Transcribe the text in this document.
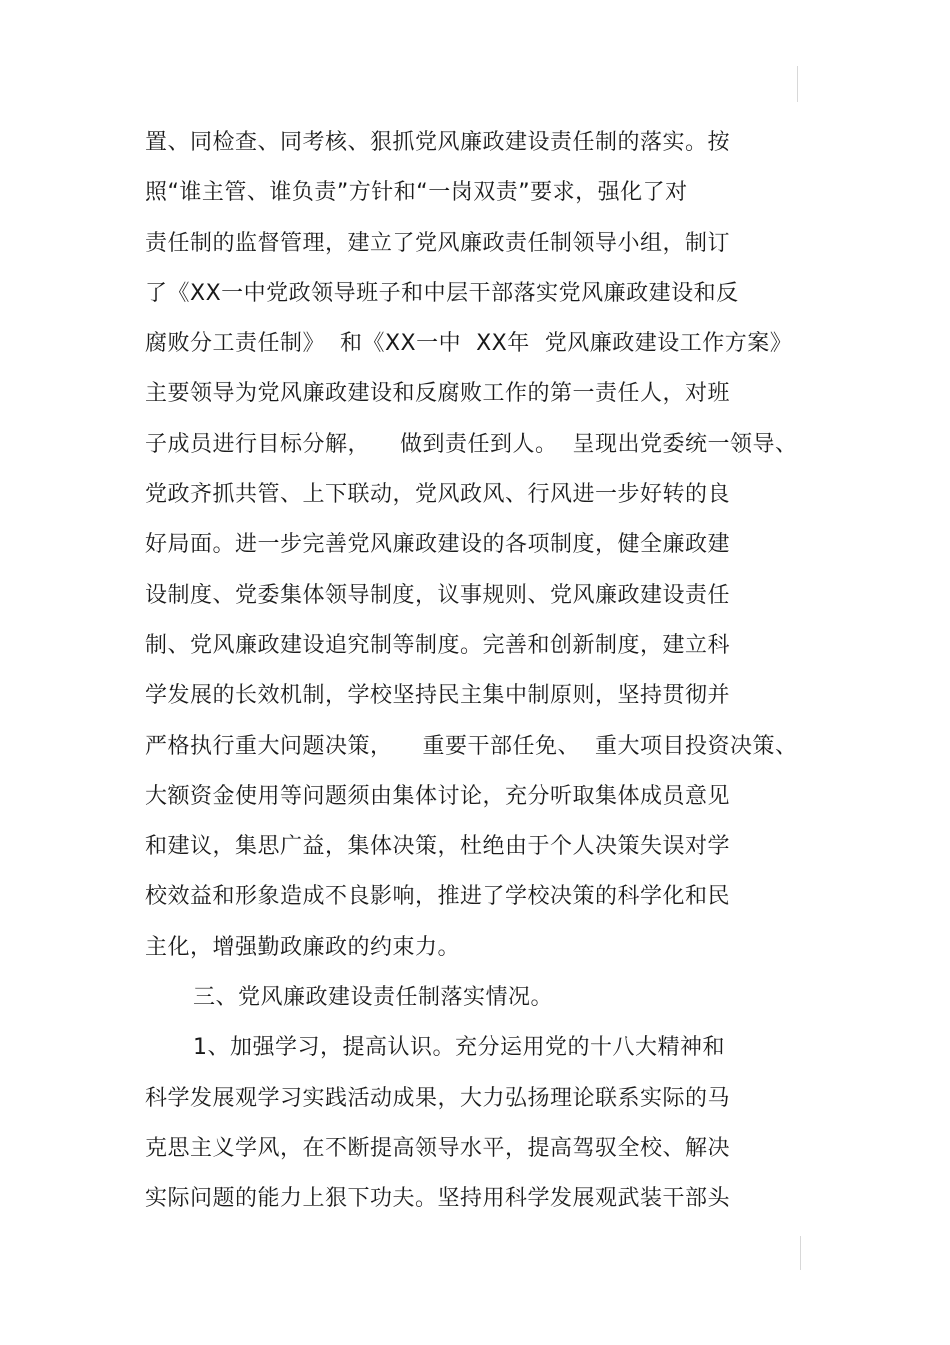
置、同检查、同考核、狠抓党风廉政建设责任制的落实。按
照“谁主管、谁负责”方针和“一岗双责”要求，强化了对
责任制的监督管理，建立了党风廉政责任制领导小组，制订
了《XX一中党政领导班子和中层干部落实党风廉政建设和反
腐败分工责任制》  和《XX一中  XX年  党风廉政建设工作方案》
主要领导为党风廉政建设和反腐败工作的第一责任人，对班
子成员进行目标分解，    做到责任到人。  呈现出党委统一领导、
党政齐抓共管、上下联动，党风政风、行风进一步好转的良
好局面。进一步完善党风廉政建设的各项制度，健全廉政建
设制度、党委集体领导制度，议事规则、党风廉政建设责任
制、党风廉政建设追究制等制度。完善和创新制度，建立科
学发展的长效机制，学校坚持民主集中制原则，坚持贯彻并
严格执行重大问题决策，    重要干部任免、  重大项目投资决策、
大额资金使用等问题须由集体讨论，充分听取集体成员意见
和建议，集思广益，集体决策，杜绝由于个人决策失误对学
校效益和形象造成不良影响，推进了学校决策的科学化和民
主化，增强勤政廉政的约束力。
三、党风廉政建设责任制落实情况。
1、加强学习，提高认识。充分运用党的十八大精神和
科学发展观学习实践活动成果，大力弘扬理论联系实际的马
克思主义学风，在不断提高领导水平，提高驾驭全校、解决
实际问题的能力上狠下功夫。坚持用科学发展观武装干部头
